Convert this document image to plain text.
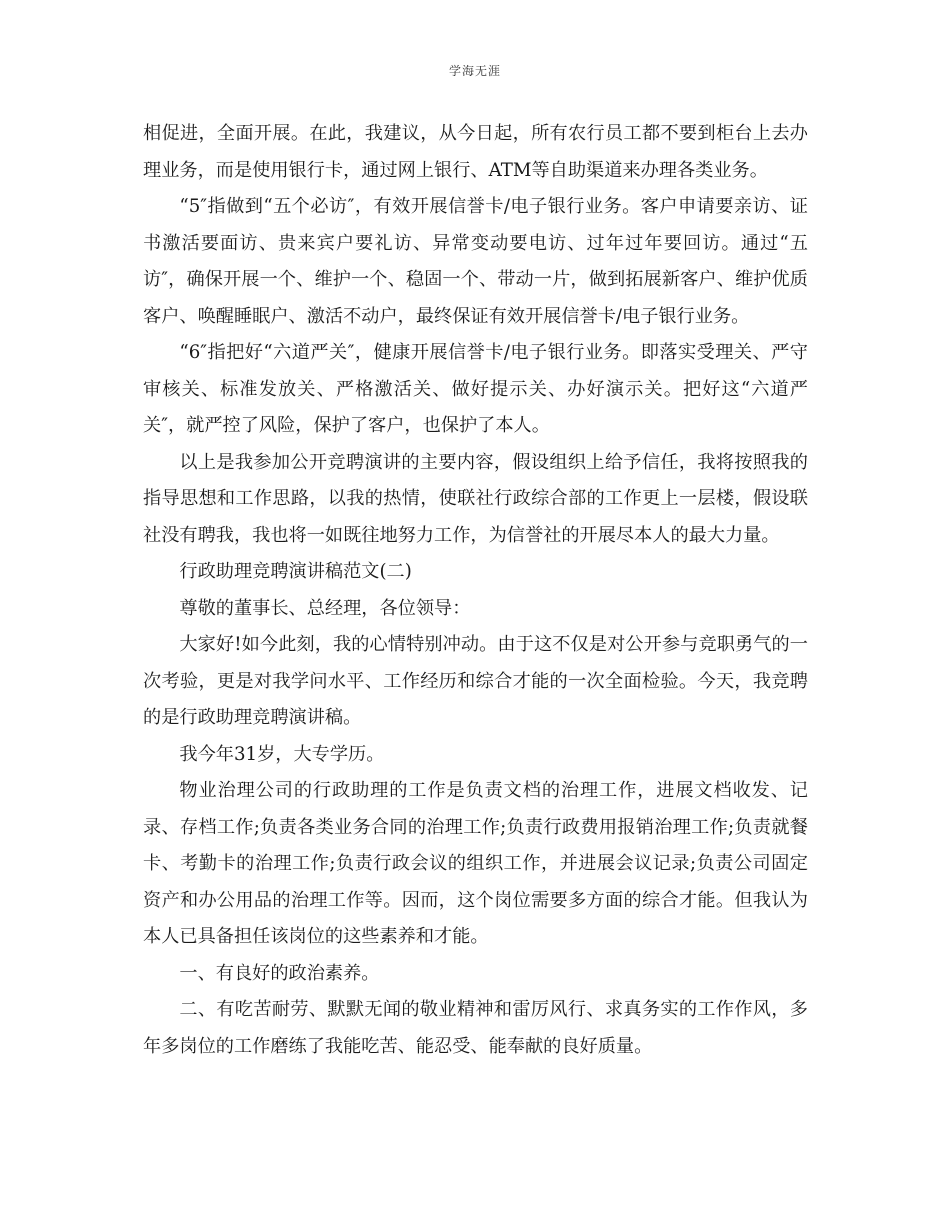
学海无涯

相促进，全面开展。在此，我建议，从今日起，所有农行员工都不要到柜台上去办理业务，而是使用银行卡，通过网上银行、ATM等自助渠道来办理各类业务。

“5″指做到“五个必访″，有效开展信誉卡/电子银行业务。客户申请要亲访、证书激活要面访、贵来宾户要礼访、异常变动要电访、过年过年要回访。通过“五访″，确保开展一个、维护一个、稳固一个、带动一片，做到拓展新客户、维护优质客户、唤醒睡眠户、激活不动户，最终保证有效开展信誉卡/电子银行业务。

“6″指把好“六道严关″，健康开展信誉卡/电子银行业务。即落实受理关、严守审核关、标准发放关、严格激活关、做好提示关、办好演示关。把好这“六道严关″，就严控了风险，保护了客户，也保护了本人。

以上是我参加公开竞聘演讲的主要内容，假设组织上给予信任，我将按照我的指导思想和工作思路，以我的热情，使联社行政综合部的工作更上一层楼，假设联社没有聘我，我也将一如既往地努力工作，为信誉社的开展尽本人的最大力量。

行政助理竞聘演讲稿范文(二)

尊敬的董事长、总经理，各位领导：

大家好!如今此刻，我的心情特别冲动。由于这不仅是对公开参与竞职勇气的一次考验，更是对我学问水平、工作经历和综合才能的一次全面检验。今天，我竞聘的是行政助理竞聘演讲稿。

我今年31岁，大专学历。

物业治理公司的行政助理的工作是负责文档的治理工作，进展文档收发、记录、存档工作;负责各类业务合同的治理工作;负责行政费用报销治理工作;负责就餐卡、考勤卡的治理工作;负责行政会议的组织工作，并进展会议记录;负责公司固定资产和办公用品的治理工作等。因而，这个岗位需要多方面的综合才能。但我认为本人已具备担任该岗位的这些素养和才能。

一、有良好的政治素养。

二、有吃苦耐劳、默默无闻的敬业精神和雷厉风行、求真务实的工作作风，多年多岗位的工作磨练了我能吃苦、能忍受、能奉献的良好质量。
